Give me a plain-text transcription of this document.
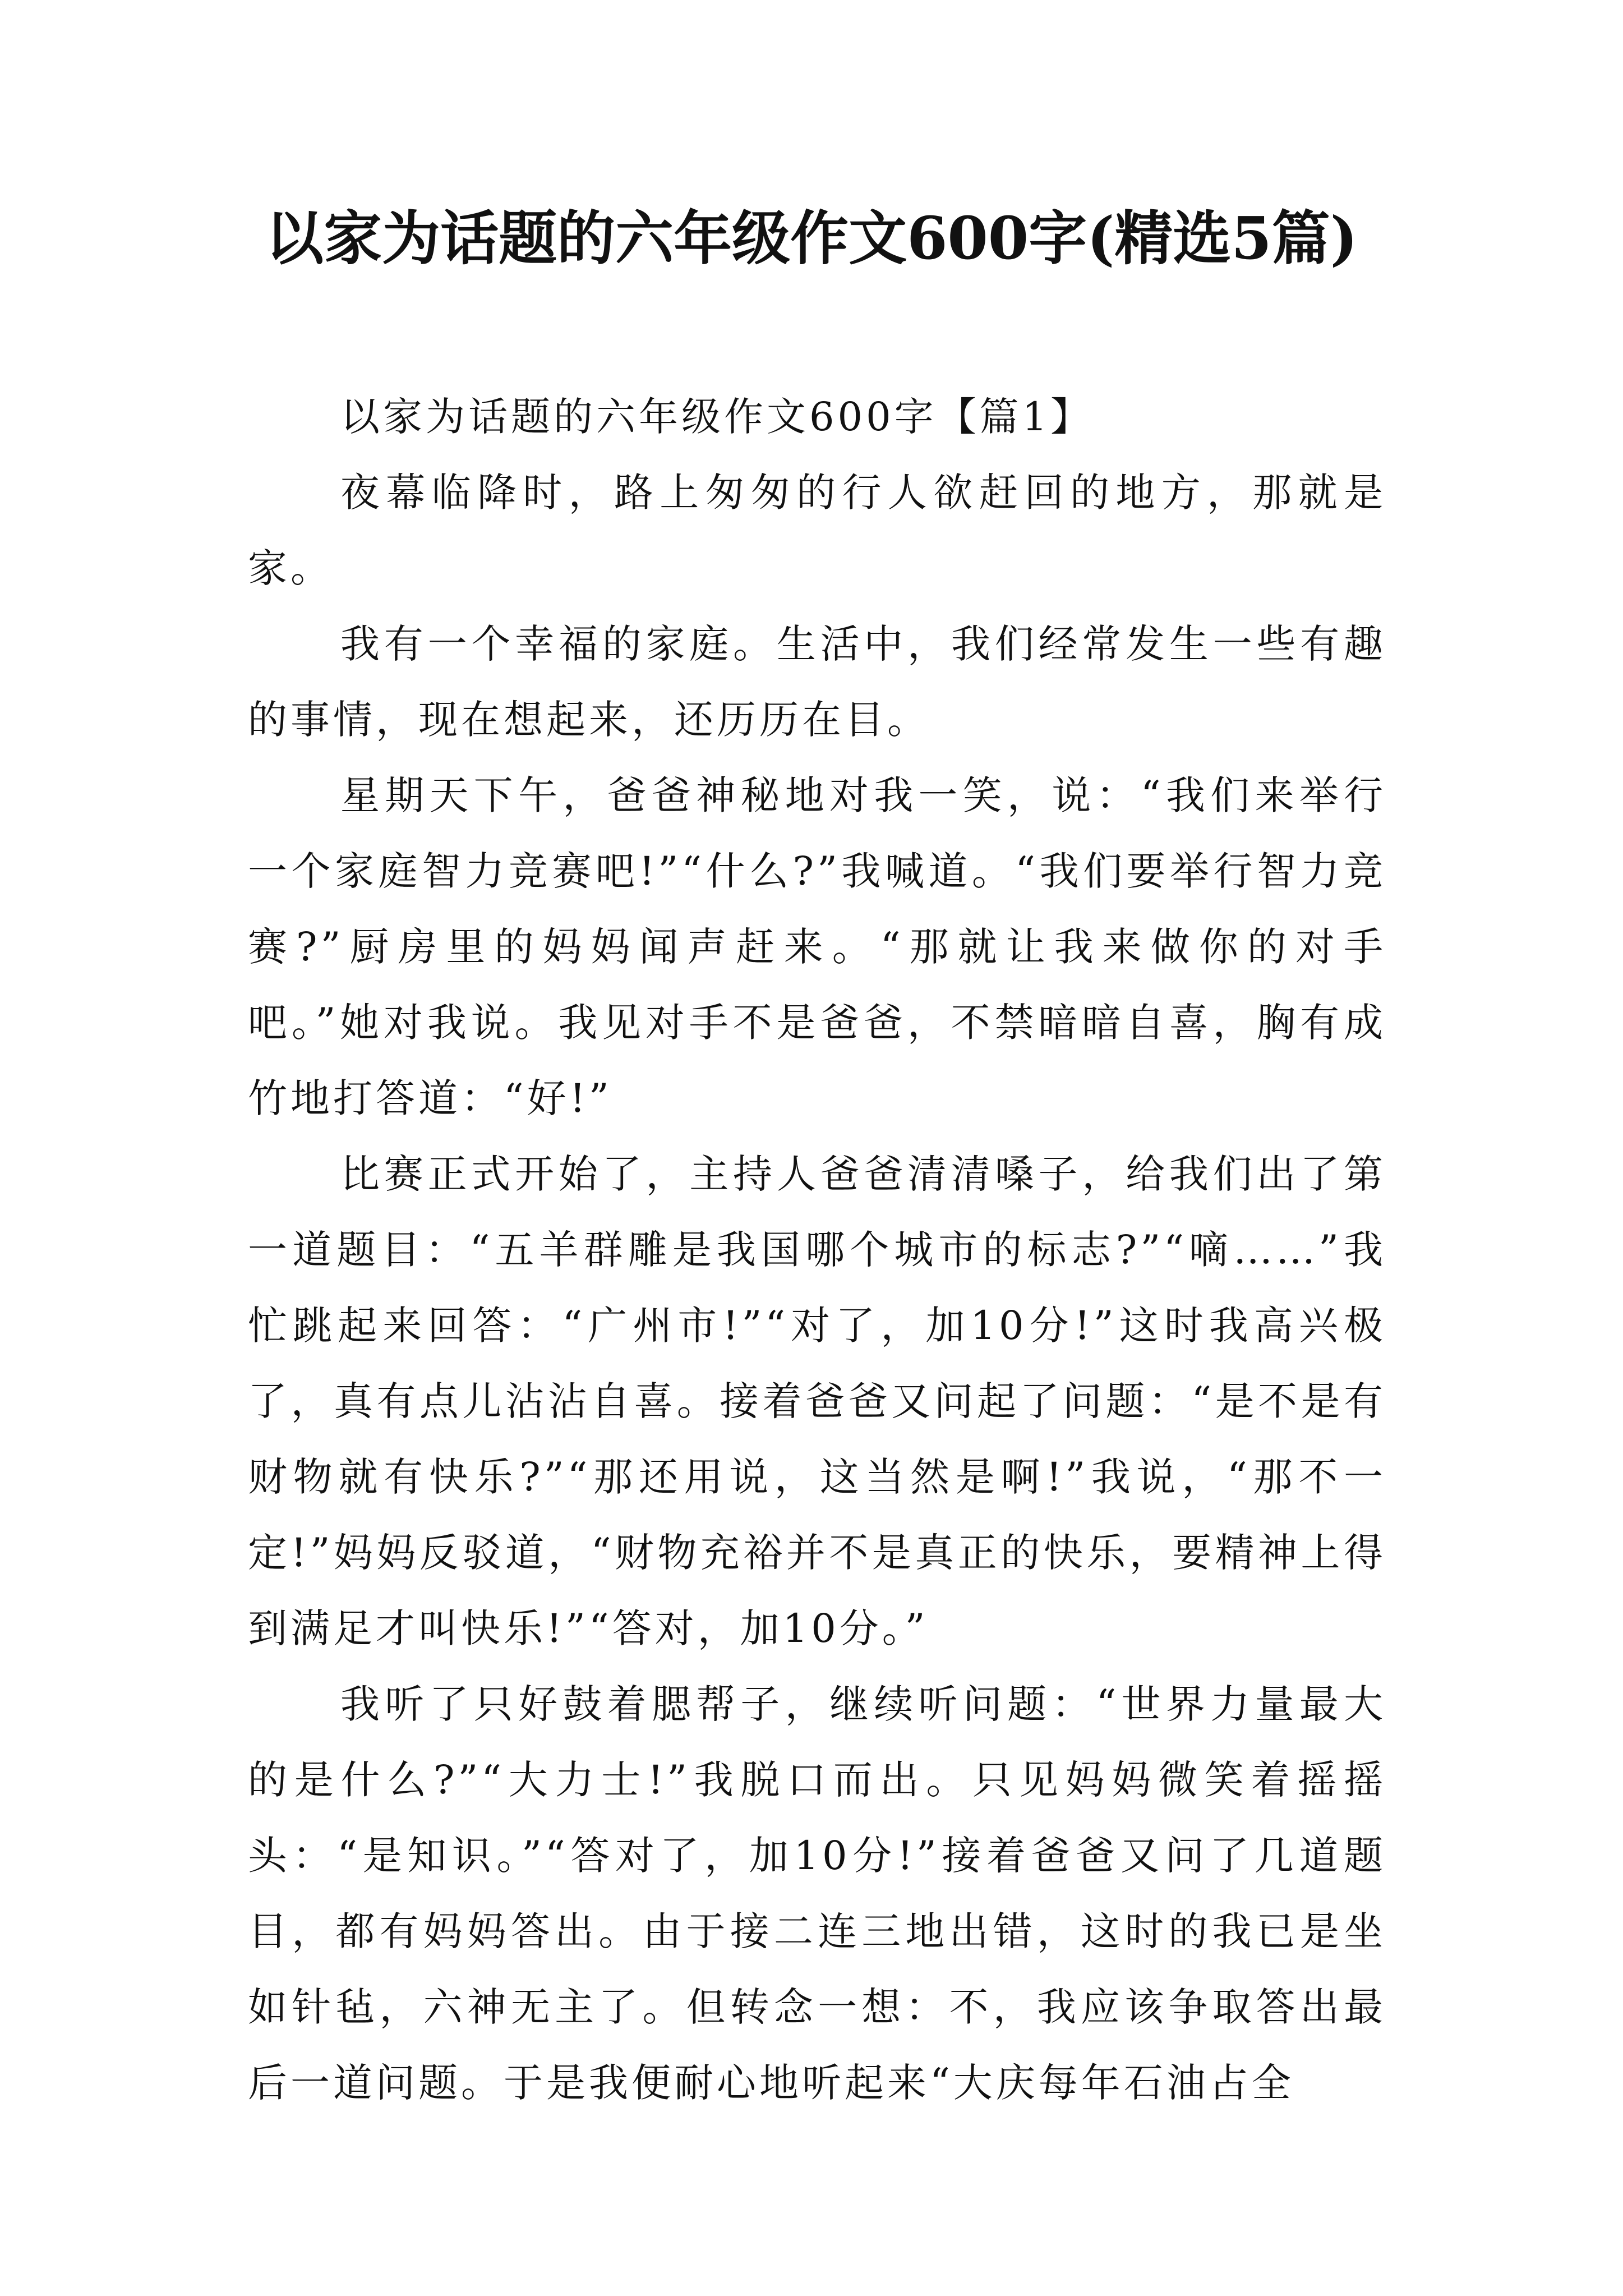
以家为话题的六年级作文600字(精选5篇)

以家为话题的六年级作文600字【篇1】

夜幕临降时，路上匆匆的行人欲赶回的地方，那就是家。

我有一个幸福的家庭。生活中，我们经常发生一些有趣的事情，现在想起来，还历历在目。

星期天下午，爸爸神秘地对我一笑，说：“我们来举行一个家庭智力竞赛吧!”“什么?”我喊道。“我们要举行智力竞赛?”厨房里的妈妈闻声赶来。“那就让我来做你的对手吧。”她对我说。我见对手不是爸爸，不禁暗暗自喜，胸有成竹地打答道：“好!”

比赛正式开始了，主持人爸爸清清嗓子，给我们出了第一道题目：“五羊群雕是我国哪个城市的标志?”“嘀……”我忙跳起来回答：“广州市!”“对了，加10分!”这时我高兴极了，真有点儿沾沾自喜。接着爸爸又问起了问题：“是不是有财物就有快乐?”“那还用说，这当然是啊!”我说，“那不一定!”妈妈反驳道，“财物充裕并不是真正的快乐，要精神上得到满足才叫快乐!”“答对，加10分。”

我听了只好鼓着腮帮子，继续听问题：“世界力量最大的是什么?”“大力士!”我脱口而出。只见妈妈微笑着摇摇头：“是知识。”“答对了，加10分!”接着爸爸又问了几道题目，都有妈妈答出。由于接二连三地出错，这时的我已是坐如针毡，六神无主了。但转念一想：不，我应该争取答出最后一道问题。于是我便耐心地听起来“大庆每年石油占全
